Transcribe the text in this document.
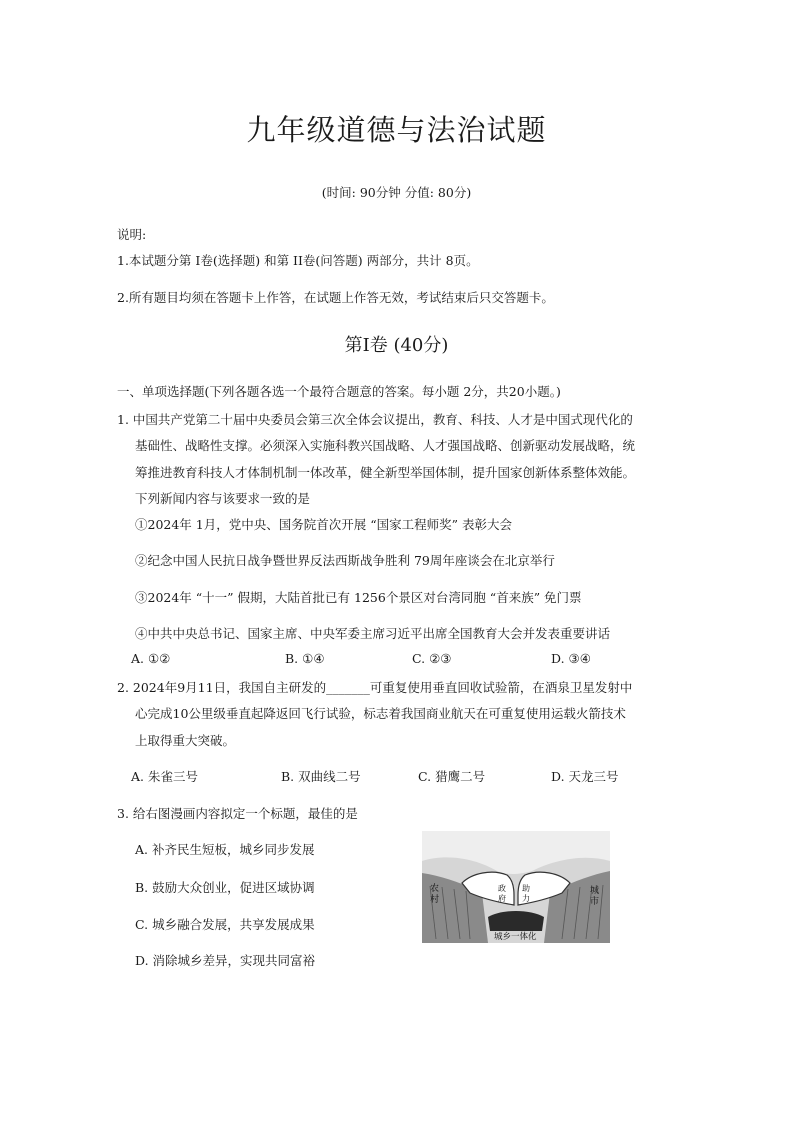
九年级道德与法治试题
(时间: 90分钟 分值: 80分)
说明:
1.本试题分第 I卷(选择题) 和第 II卷(问答题) 两部分，共计 8页。
2.所有题目均须在答题卡上作答，在试题上作答无效，考试结束后只交答题卡。
第I卷 (40分)
一、单项选择题(下列各题各选一个最符合题意的答案。每小题 2分，共20小题。)
1. 中国共产党第二十届中央委员会第三次全体会议提出，教育、科技、人才是中国式现代化的
基础性、战略性支撑。必须深入实施科教兴国战略、人才强国战略、创新驱动发展战略，统
筹推进教育科技人才体制机制一体改革，健全新型举国体制，提升国家创新体系整体效能。
下列新闻内容与该要求一致的是
①2024年 1月，党中央、国务院首次开展 “国家工程师奖” 表彰大会
②纪念中国人民抗日战争暨世界反法西斯战争胜利 79周年座谈会在北京举行
③2024年 “十一” 假期，大陆首批已有 1256个景区对台湾同胞 “首来族” 免门票
④中共中央总书记、国家主席、中央军委主席习近平出席全国教育大会并发表重要讲话
A. ①②	B. ①④	C. ②③	D. ③④
2. 2024年9月11日，我国自主研发的_______可重复使用垂直回收试验箭，在酒泉卫星发射中
心完成10公里级垂直起降返回飞行试验，标志着我国商业航天在可重复使用运载火箭技术
上取得重大突破。
A. 朱雀三号	B. 双曲线二号	C. 猎鹰二号	D. 天龙三号
3. 给右图漫画内容拟定一个标题，最佳的是
A. 补齐民生短板，城乡同步发展
B. 鼓励大众创业，促进区域协调
C. 城乡融合发展，共享发展成果
D. 消除城乡差异，实现共同富裕
农
村
城
市
政
府
助
力
城乡一体化
